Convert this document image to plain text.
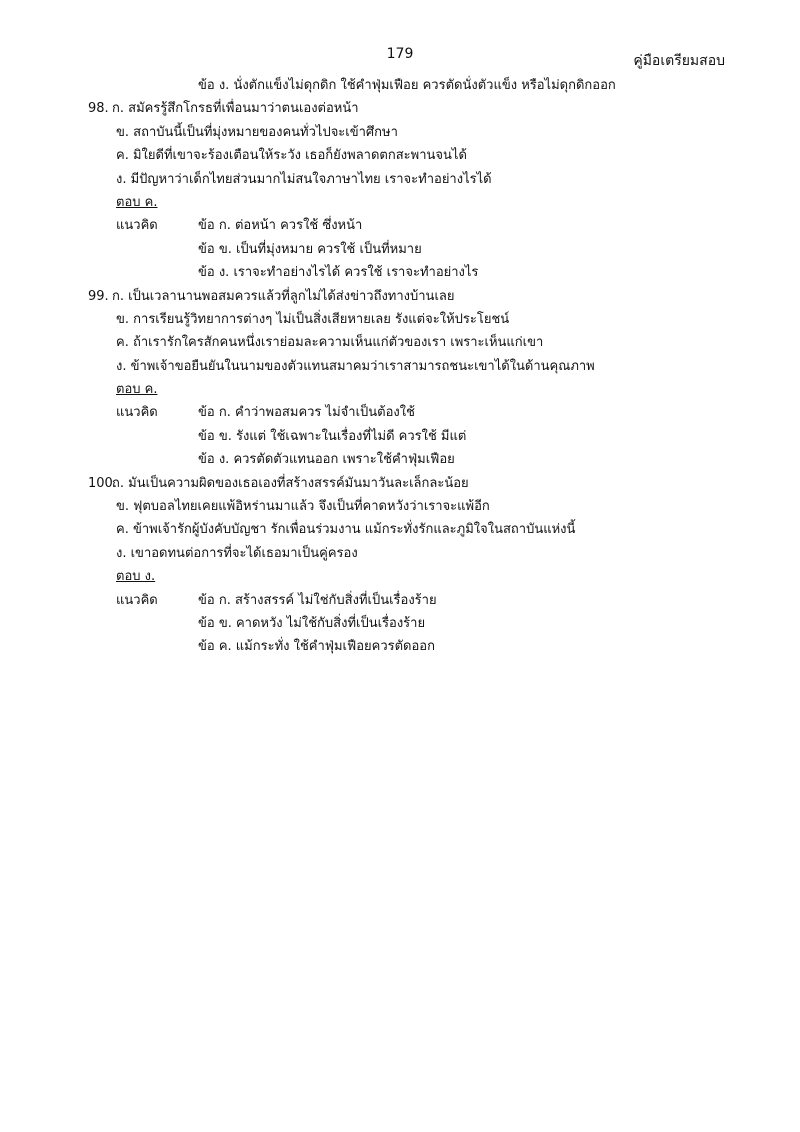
179	คู่มือเตรียมสอบ
ข้อ ง. นั่งตักแข็งไม่ดุกดิก ใช้คำฟุ่มเฟือย ควรตัดนั่งตัวแข็ง หรือไม่ดุกดิกออก
98. ก. สมัครรู้สึกโกรธที่เพื่อนมาว่าตนเองต่อหน้า
ข. สถาบันนี้เป็นที่มุ่งหมายของคนทั่วไปจะเข้าศึกษา
ค. มิใยดีที่เขาจะร้องเตือนให้ระวัง เธอก็ยังพลาดตกสะพานจนได้
ง. มีปัญหาว่าเด็กไทยส่วนมากไม่สนใจภาษาไทย เราจะทำอย่างไรได้
ตอบ ค.
แนวคิด	ข้อ ก. ต่อหน้า ควรใช้ ซึ่งหน้า
ข้อ ข. เป็นที่มุ่งหมาย ควรใช้ เป็นที่หมาย
ข้อ ง. เราจะทำอย่างไรได้ ควรใช้ เราจะทำอย่างไร
99. ก. เป็นเวลานานพอสมควรแล้วที่ลูกไม่ได้ส่งข่าวถึงทางบ้านเลย
ข. การเรียนรู้วิทยาการต่างๆ ไม่เป็นสิ่งเสียหายเลย รังแต่จะให้ประโยชน์
ค. ถ้าเรารักใครสักคนหนึ่งเราย่อมละความเห็นแก่ตัวของเรา เพราะเห็นแก่เขา
ง. ข้าพเจ้าขอยืนยันในนามของตัวแทนสมาคมว่าเราสามารถชนะเขาได้ในด้านคุณภาพ
ตอบ ค.
แนวคิด	ข้อ ก. คำว่าพอสมควร ไม่จำเป็นต้องใช้
ข้อ ข. รังแต่ ใช้เฉพาะในเรื่องที่ไม่ดี ควรใช้ มีแต่
ข้อ ง. ควรตัดตัวแทนออก เพราะใช้คำฟุ่มเฟือย
100.ก. มันเป็นความผิดของเธอเองที่สร้างสรรค์มันมาวันละเล็กละน้อย
ข. ฟุตบอลไทยเคยแพ้อิหร่านมาแล้ว จึงเป็นที่คาดหวังว่าเราจะแพ้อีก
ค. ข้าพเจ้ารักผู้บังคับบัญชา รักเพื่อนร่วมงาน แม้กระทั่งรักและภูมิใจในสถาบันแห่งนี้
ง. เขาอดทนต่อการที่จะได้เธอมาเป็นคู่ครอง
ตอบ ง.
แนวคิด	ข้อ ก. สร้างสรรค์ ไม่ใช่กับสิ่งที่เป็นเรื่องร้าย
ข้อ ข. คาดหวัง ไม่ใช้กับสิ่งที่เป็นเรื่องร้าย
ข้อ ค. แม้กระทั่ง ใช้คำฟุ่มเฟือยควรตัดออก
